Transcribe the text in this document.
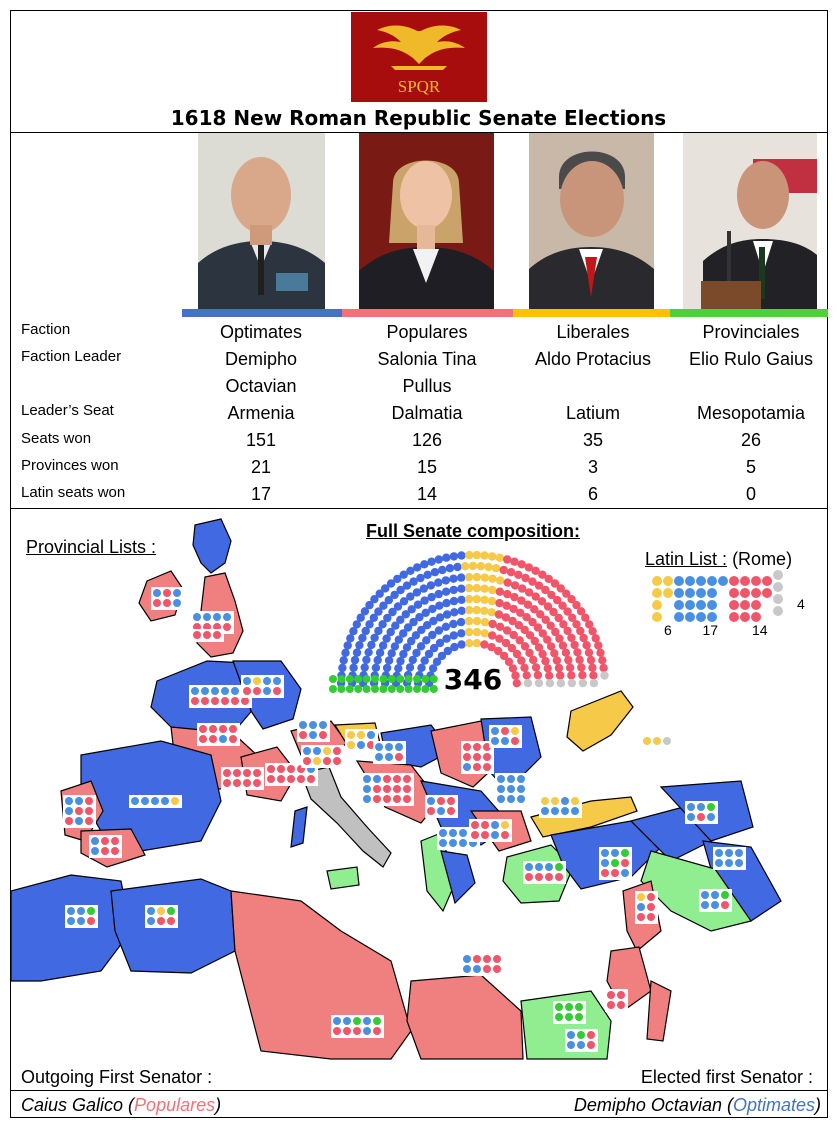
SPQR
1618 New Roman Republic Senate Elections
Faction
Faction Leader
Leader’s Seat
Seats won
Provinces won
Latin seats won
Optimates
Demipho
Octavian
Armenia
151
21
17
Populares
Salonia Tina
Pullus
Dalmatia
126
15
14
Liberales
Aldo Protacius
Latium
35
3
6
Provinciales
Elio Rulo Gaius
Mesopotamia
26
5
0
346
6 17 14
4
Provincial Lists :
Full Senate composition:
Latin List : (Rome)
Outgoing First Senator :	Elected first Senator :
Caius Galico (Populares)	Demipho Octavian (Optimates)
